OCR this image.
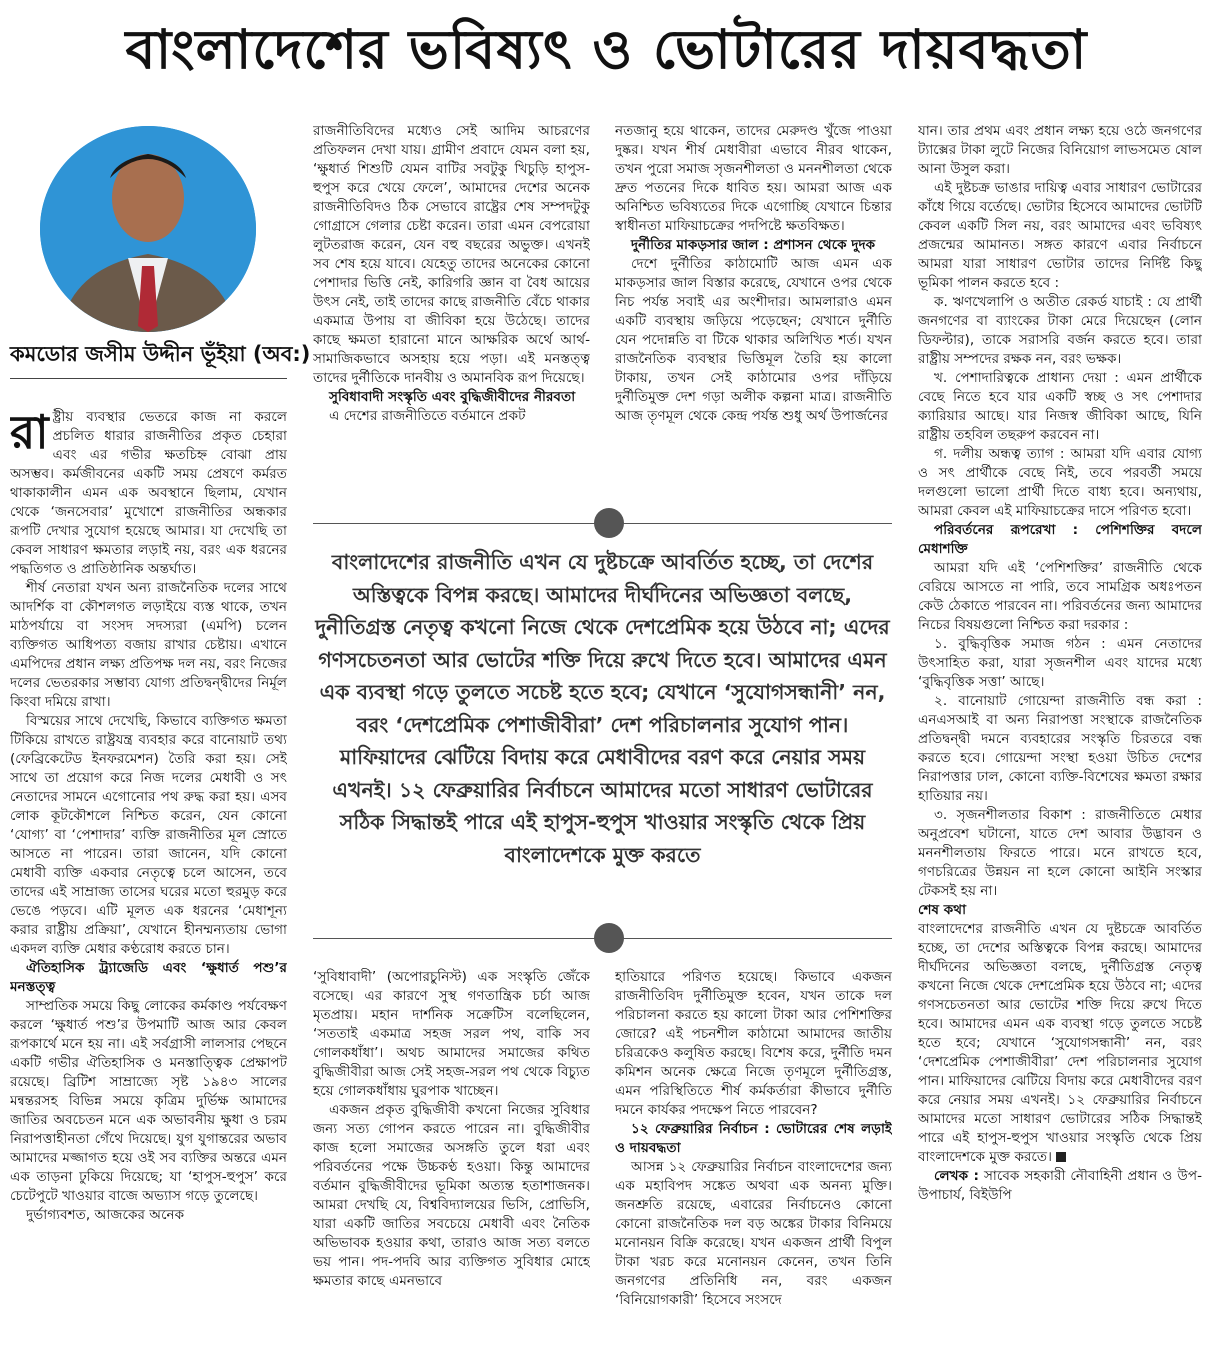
বাংলাদেশের ভবিষ্যৎ ও ভোটারের দায়বদ্ধতা
কমডোর জসীম উদ্দীন ভূঁইয়া (অব:)

রাষ্ট্রীয় ব্যবস্থার ভেতরে কাজ না করলে প্রচলিত ধারার রাজনীতির প্রকৃত চেহারা এবং এর গভীর ক্ষতচিহ্ন বোঝা প্রায় অসম্ভব। কর্মজীবনের একটি সময় প্রেষণে কর্মরত থাকাকালীন এমন এক অবস্থানে ছিলাম, যেখান থেকে ‘জনসেবার’ মুখোশে রাজনীতির অন্ধকার রূপটি দেখার সুযোগ হয়েছে আমার। যা দেখেছি তা কেবল সাধারণ ক্ষমতার লড়াই নয়, বরং এক ধরনের পদ্ধতিগত ও প্রাতিষ্ঠানিক অন্তর্ঘাত।

শীর্ষ নেতারা যখন অন্য রাজনৈতিক দলের সাথে আদর্শিক বা কৌশলগত লড়াইয়ে ব্যস্ত থাকে, তখন মাঠপর্যায়ে বা সংসদ সদস্যরা (এমপি) চলেন ব্যক্তিগত আধিপত্য বজায় রাখার চেষ্টায়। এখানে এমপিদের প্রধান লক্ষ্য প্রতিপক্ষ দল নয়, বরং নিজের দলের ভেতরকার সম্ভাব্য যোগ্য প্রতিদ্বন্দ্বীদের নির্মূল কিংবা দমিয়ে রাখা।

বিস্ময়ের সাথে দেখেছি, কিভাবে ব্যক্তিগত ক্ষমতা টিকিয়ে রাখতে রাষ্ট্রযন্ত্র ব্যবহার করে বানোয়াট তথ্য (ফেব্রিকেটেড ইনফরমেশন) তৈরি করা হয়। সেই সাথে তা প্রয়োগ করে নিজ দলের মেধাবী ও সৎ নেতাদের সামনে এগোনোর পথ রুদ্ধ করা হয়। এসব লোক কূটকৌশলে নিশ্চিত করেন, যেন কোনো ‘যোগ্য’ বা ‘পেশাদার’ ব্যক্তি রাজনীতির মূল স্রোতে আসতে না পারেন। তারা জানেন, যদি কোনো মেধাবী ব্যক্তি একবার নেতৃত্বে চলে আসেন, তবে তাদের এই সাম্রাজ্য তাসের ঘরের মতো হুরমুড় করে ভেঙে পড়বে। এটি মূলত এক ধরনের ‘মেধাশূন্য করার রাষ্ট্রীয় প্রক্রিয়া’, যেখানে হীনম্মন্যতায় ভোগা একদল ব্যক্তি মেধার কণ্ঠরোধ করতে চান।

ঐতিহাসিক ট্র্যাজেডি এবং ‘ক্ষুধার্ত পশু’র মনস্তত্ত্ব

সাম্প্রতিক সময়ে কিছু লোকের কর্মকাণ্ড পর্যবেক্ষণ করলে ‘ক্ষুধার্ত পশু’র উপমাটি আজ আর কেবল রূপকার্থে মনে হয় না। এই সর্বগ্রাসী লালসার পেছনে একটি গভীর ঐতিহাসিক ও মনস্তাত্ত্বিক প্রেক্ষাপট রয়েছে। ব্রিটিশ সাম্রাজ্যে সৃষ্ট ১৯৪৩ সালের মন্বন্তরসহ বিভিন্ন সময়ে কৃত্রিম দুর্ভিক্ষ আমাদের জাতির অবচেতন মনে এক অভাবনীয় ক্ষুধা ও চরম নিরাপত্তাহীনতা গেঁথে দিয়েছে। যুগ যুগান্তরের অভাব আমাদের মজ্জাগত হয়ে ওই সব ব্যক্তির অন্তরে এমন এক তাড়না ঢুকিয়ে দিয়েছে; যা ‘হাপুস-হুপুস’ করে চেটেপুটে খাওয়ার বাজে অভ্যাস গড়ে তুলেছে।

দুর্ভাগ্যবশত, আজকের অনেক

রাজনীতিবিদের মধ্যেও সেই আদিম আচরণের প্রতিফলন দেখা যায়। গ্রামীণ প্রবাদে যেমন বলা হয়, ‘ক্ষুধার্ত শিশুটি যেমন বাটির সবটুকু খিচুড়ি হাপুস-হুপুস করে খেয়ে ফেলে’, আমাদের দেশের অনেক রাজনীতিবিদও ঠিক সেভাবে রাষ্ট্রের শেষ সম্পদটুকু গোগ্রাসে গেলার চেষ্টা করেন। তারা এমন বেপরোয়া লুটতরাজ করেন, যেন বহু বছরের অভুক্ত। এখনই সব শেষ হয়ে যাবে। যেহেতু তাদের অনেকের কোনো পেশাদার ভিত্তি নেই, কারিগরি জ্ঞান বা বৈধ আয়ের উৎস নেই, তাই তাদের কাছে রাজনীতি বেঁচে থাকার একমাত্র উপায় বা জীবিকা হয়ে উঠেছে। তাদের কাছে ক্ষমতা হারানো মানে আক্ষরিক অর্থে আর্থ-সামাজিকভাবে অসহায় হয়ে পড়া। এই মনস্তত্ত্ব তাদের দুর্নীতিকে দানবীয় ও অমানবিক রূপ দিয়েছে।

সুবিধাবাদী সংস্কৃতি এবং বুদ্ধিজীবীদের নীরবতা

এ দেশের রাজনীতিতে বর্তমানে প্রকট

নতজানু হয়ে থাকেন, তাদের মেরুদণ্ড খুঁজে পাওয়া দুষ্কর। যখন শীর্ষ মেধাবীরা এভাবে নীরব থাকেন, তখন পুরো সমাজ সৃজনশীলতা ও মননশীলতা থেকে দ্রুত পতনের দিকে ধাবিত হয়। আমরা আজ এক অনিশ্চিত ভবিষ্যতের দিকে এগোচ্ছি যেখানে চিন্তার স্বাধীনতা মাফিয়াচক্রের পদপিষ্টে ক্ষতবিক্ষত।

দুর্নীতির মাকড়সার জাল : প্রশাসন থেকে দুদক

দেশে দুর্নীতির কাঠামোটি আজ এমন এক মাকড়সার জাল বিস্তার করেছে, যেখানে ওপর থেকে নিচ পর্যন্ত সবাই এর অংশীদার। আমলারাও এমন একটি ব্যবস্থায় জড়িয়ে পড়েছেন; যেখানে দুর্নীতি যেন পদোন্নতি বা টিকে থাকার অলিখিত শর্ত। যখন রাজনৈতিক ব্যবস্থার ভিত্তিমূল তৈরি হয় কালো টাকায়, তখন সেই কাঠামোর ওপর দাঁড়িয়ে দুর্নীতিমুক্ত দেশ গড়া অলীক কল্পনা মাত্র। রাজনীতি আজ তৃণমূল থেকে কেন্দ্র পর্যন্ত শুধু অর্থ উপার্জনের

বাংলাদেশের রাজনীতি এখন যে দুষ্টচক্রে আবর্তিত হচ্ছে, তা দেশের অস্তিত্বকে বিপন্ন করছে। আমাদের দীর্ঘদিনের অভিজ্ঞতা বলছে, দুনীতিগ্রস্ত নেতৃত্ব কখনো নিজে থেকে দেশপ্রেমিক হয়ে উঠবে না; এদের গণসচেতনতা আর ভোটের শক্তি দিয়ে রুখে দিতে হবে। আমাদের এমন এক ব্যবস্থা গড়ে তুলতে সচেষ্ট হতে হবে; যেখানে ‘সুযোগসন্ধানী’ নন, বরং ‘দেশপ্রেমিক পেশাজীবীরা’ দেশ পরিচালনার সুযোগ পান। মাফিয়াদের ঝেটিয়ে বিদায় করে মেধাবীদের বরণ করে নেয়ার সময় এখনই। ১২ ফেব্রুয়ারির নির্বাচনে আমাদের মতো সাধারণ ভোটারের সঠিক সিদ্ধান্তই পারে এই হাপুস-হুপুস খাওয়ার সংস্কৃতি থেকে প্রিয় বাংলাদেশকে মুক্ত করতে

‘সুবিধাবাদী’ (অপোরচুনিস্ট) এক সংস্কৃতি জেঁকে বসেছে। এর কারণে সুস্থ গণতান্ত্রিক চর্চা আজ মৃতপ্রায়। মহান দার্শনিক সক্রেটিস বলেছিলেন, ‘সততাই একমাত্র সহজ সরল পথ, বাকি সব গোলকধাঁধা’। অথচ আমাদের সমাজের কথিত বুদ্ধিজীবীরা আজ সেই সহজ-সরল পথ থেকে বিচ্যুত হয়ে গোলকধাঁধায় ঘুরপাক খাচ্ছেন।

একজন প্রকৃত বুদ্ধিজীবী কখনো নিজের সুবিধার জন্য সত্য গোপন করতে পারেন না। বুদ্ধিজীবীর কাজ হলো সমাজের অসঙ্গতি তুলে ধরা এবং পরিবর্তনের পক্ষে উচ্চকণ্ঠ হওয়া। কিন্তু আমাদের বর্তমান বুদ্ধিজীবীদের ভূমিকা অত্যন্ত হতাশাজনক। আমরা দেখছি যে, বিশ্ববিদ্যালয়ের ভিসি, প্রোভিসি, যারা একটি জাতির সবচেয়ে মেধাবী এবং নৈতিক অভিভাবক হওয়ার কথা, তারাও আজ সত্য বলতে ভয় পান। পদ-পদবি আর ব্যক্তিগত সুবিধার মোহে ক্ষমতার কাছে এমনভাবে

হাতিয়ারে পরিণত হয়েছে। কিভাবে একজন রাজনীতিবিদ দুর্নীতিমুক্ত হবেন, যখন তাকে দল পরিচালনা করতে হয় কালো টাকা আর পেশিশক্তির জোরে? এই পচনশীল কাঠামো আমাদের জাতীয় চরিত্রকেও কলুষিত করছে। বিশেষ করে, দুর্নীতি দমন কমিশন অনেক ক্ষেত্রে নিজে তৃণমূলে দুর্নীতিগ্রস্ত, এমন পরিস্থিতিতে শীর্ষ কর্মকর্তারা কীভাবে দুর্নীতি দমনে কার্যকর পদক্ষেপ নিতে পারবেন?

১২ ফেব্রুয়ারির নির্বাচন : ভোটারের শেষ লড়াই ও দায়বদ্ধতা

আসন্ন ১২ ফেব্রুয়ারির নির্বাচন বাংলাদেশের জন্য এক মহাবিপদ সঙ্কেত অথবা এক অনন্য মুক্তি। জনশ্রুতি রয়েছে, এবারের নির্বাচনেও কোনো কোনো রাজনৈতিক দল বড় অঙ্কের টাকার বিনিময়ে মনোনয়ন বিক্রি করেছে। যখন একজন প্রার্থী বিপুল টাকা খরচ করে মনোনয়ন কেনেন, তখন তিনি জনগণের প্রতিনিধি নন, বরং একজন ‘বিনিয়োগকারী’ হিসেবে সংসদে

যান। তার প্রথম এবং প্রধান লক্ষ্য হয়ে ওঠে জনগণের ট্যাক্সের টাকা লুটে নিজের বিনিয়োগ লাভসমেত ষোল আনা উসুল করা।

এই দুষ্টচক্র ভাঙার দায়িত্ব এবার সাধারণ ভোটারের কাঁধে গিয়ে বর্তেছে। ভোটার হিসেবে আমাদের ভোটটি কেবল একটি সিল নয়, বরং আমাদের এবং ভবিষ্যৎ প্রজন্মের আমানত। সঙ্গত কারণে এবার নির্বাচনে আমরা যারা সাধারণ ভোটার তাদের নির্দিষ্ট কিছু ভূমিকা পালন করতে হবে :

ক. ঋণখেলাপি ও অতীত রেকর্ড যাচাই : যে প্রার্থী জনগণের বা ব্যাংকের টাকা মেরে দিয়েছেন (লোন ডিফল্টার), তাকে সরাসরি বর্জন করতে হবে। তারা রাষ্ট্রীয় সম্পদের রক্ষক নন, বরং ভক্ষক।

খ. পেশাদারিত্বকে প্রাধান্য দেয়া : এমন প্রার্থীকে বেছে নিতে হবে যার একটি স্বচ্ছ ও সৎ পেশাদার ক্যারিয়ার আছে। যার নিজস্ব জীবিকা আছে, যিনি রাষ্ট্রীয় তহবিল তছরুপ করবেন না।

গ. দলীয় অন্ধত্ব ত্যাগ : আমরা যদি এবার যোগ্য ও সৎ প্রার্থীকে বেছে নিই, তবে পরবর্তী সময়ে দলগুলো ভালো প্রার্থী দিতে বাধ্য হবে। অন্যথায়, আমরা কেবল এই মাফিয়াচক্রের দাসে পরিণত হবো।

পরিবর্তনের রূপরেখা : পেশিশক্তির বদলে মেধাশক্তি

আমরা যদি এই ‘পেশিশক্তির’ রাজনীতি থেকে বেরিয়ে আসতে না পারি, তবে সামগ্রিক অধঃপতন কেউ ঠেকাতে পারবেন না। পরিবর্তনের জন্য আমাদের নিচের বিষয়গুলো নিশ্চিত করা দরকার :

১. বুদ্ধিবৃত্তিক সমাজ গঠন : এমন নেতাদের উৎসাহিত করা, যারা সৃজনশীল এবং যাদের মধ্যে ‘বুদ্ধিবৃত্তিক সত্তা’ আছে।

২. বানোয়াট গোয়েন্দা রাজনীতি বন্ধ করা : এনএসআই বা অন্য নিরাপত্তা সংস্থাকে রাজনৈতিক প্রতিদ্বন্দ্বী দমনে ব্যবহারের সংস্কৃতি চিরতরে বন্ধ করতে হবে। গোয়েন্দা সংস্থা হওয়া উচিত দেশের নিরাপত্তার ঢাল, কোনো ব্যক্তি-বিশেষের ক্ষমতা রক্ষার হাতিয়ার নয়।

৩. সৃজনশীলতার বিকাশ : রাজনীতিতে মেধার অনুপ্রবেশ ঘটানো, যাতে দেশ আবার উদ্ভাবন ও মননশীলতায় ফিরতে পারে। মনে রাখতে হবে, গণচরিত্রের উন্নয়ন না হলে কোনো আইনি সংস্কার টেকসই হয় না।

শেষ কথা

বাংলাদেশের রাজনীতি এখন যে দুষ্টচক্রে আবর্তিত হচ্ছে, তা দেশের অস্তিত্বকে বিপন্ন করছে। আমাদের দীর্ঘদিনের অভিজ্ঞতা বলছে, দুর্নীতিগ্রস্ত নেতৃত্ব কখনো নিজে থেকে দেশপ্রেমিক হয়ে উঠবে না; এদের গণসচেতনতা আর ভোটের শক্তি দিয়ে রুখে দিতে হবে। আমাদের এমন এক ব্যবস্থা গড়ে তুলতে সচেষ্ট হতে হবে; যেখানে ‘সুযোগসন্ধানী’ নন, বরং ‘দেশপ্রেমিক পেশাজীবীরা’ দেশ পরিচালনার সুযোগ পান। মাফিয়াদের ঝেটিয়ে বিদায় করে মেধাবীদের বরণ করে নেয়ার সময় এখনই। ১২ ফেব্রুয়ারির নির্বাচনে আমাদের মতো সাধারণ ভোটারের সঠিক সিদ্ধান্তই পারে এই হাপুস-হুপুস খাওয়ার সংস্কৃতি থেকে প্রিয় বাংলাদেশকে মুক্ত করতে।

লেখক : সাবেক সহকারী নৌবাহিনী প্রধান ও উপ-উপাচার্য, বিইউপি
